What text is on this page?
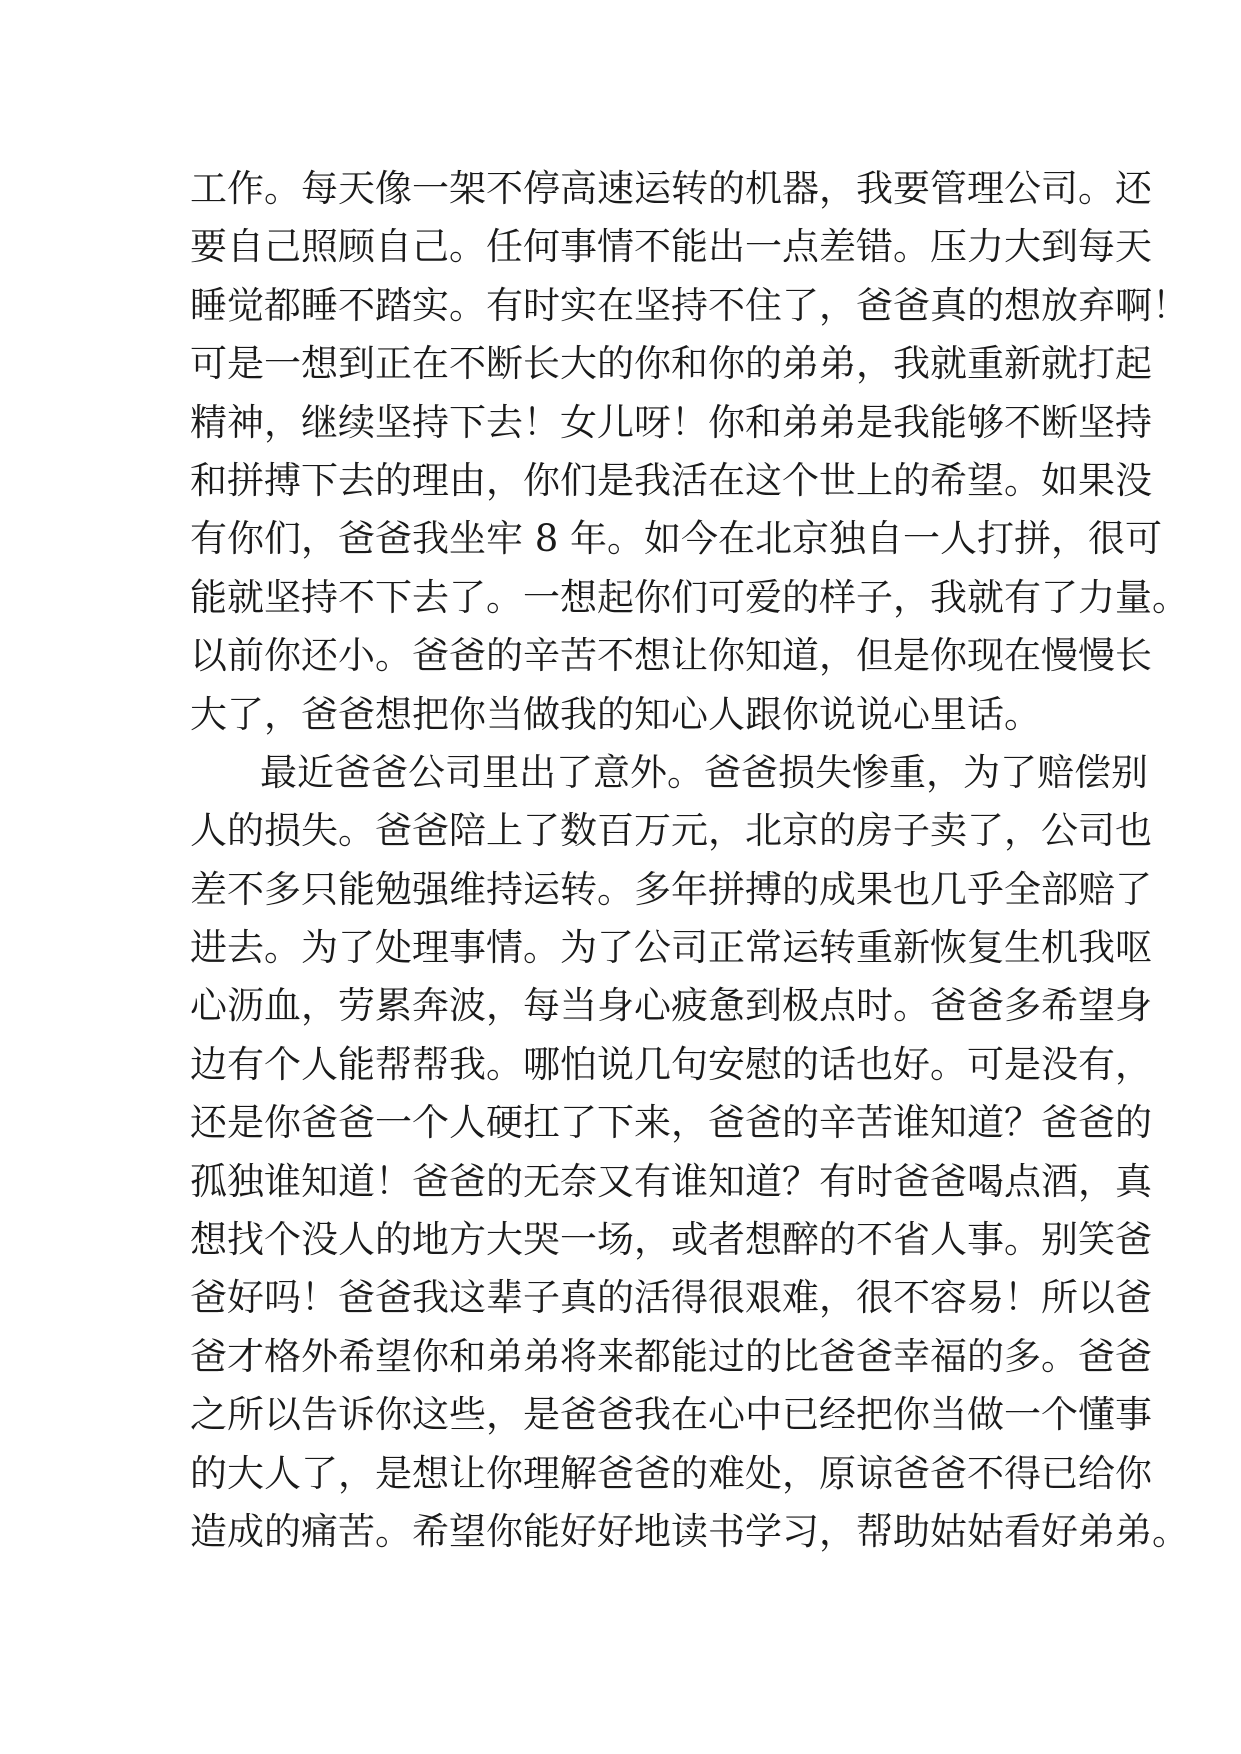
工作。每天像一架不停高速运转的机器，我要管理公司。还
要自己照顾自己。任何事情不能出一点差错。压力大到每天
睡觉都睡不踏实。有时实在坚持不住了，爸爸真的想放弃啊！
可是一想到正在不断长大的你和你的弟弟，我就重新就打起
精神，继续坚持下去！女儿呀！你和弟弟是我能够不断坚持
和拼搏下去的理由，你们是我活在这个世上的希望。如果没
有你们，爸爸我坐牢 8 年。如今在北京独自一人打拼，很可
能就坚持不下去了。一想起你们可爱的样子，我就有了力量。
以前你还小。爸爸的辛苦不想让你知道，但是你现在慢慢长
大了，爸爸想把你当做我的知心人跟你说说心里话。
最近爸爸公司里出了意外。爸爸损失惨重，为了赔偿别
人的损失。爸爸陪上了数百万元，北京的房子卖了，公司也
差不多只能勉强维持运转。多年拼搏的成果也几乎全部赔了
进去。为了处理事情。为了公司正常运转重新恢复生机我呕
心沥血，劳累奔波，每当身心疲惫到极点时。爸爸多希望身
边有个人能帮帮我。哪怕说几句安慰的话也好。可是没有，
还是你爸爸一个人硬扛了下来，爸爸的辛苦谁知道？爸爸的
孤独谁知道！爸爸的无奈又有谁知道？有时爸爸喝点酒，真
想找个没人的地方大哭一场，或者想醉的不省人事。别笑爸
爸好吗！爸爸我这辈子真的活得很艰难，很不容易！所以爸
爸才格外希望你和弟弟将来都能过的比爸爸幸福的多。爸爸
之所以告诉你这些，是爸爸我在心中已经把你当做一个懂事
的大人了，是想让你理解爸爸的难处，原谅爸爸不得已给你
造成的痛苦。希望你能好好地读书学习，帮助姑姑看好弟弟。
